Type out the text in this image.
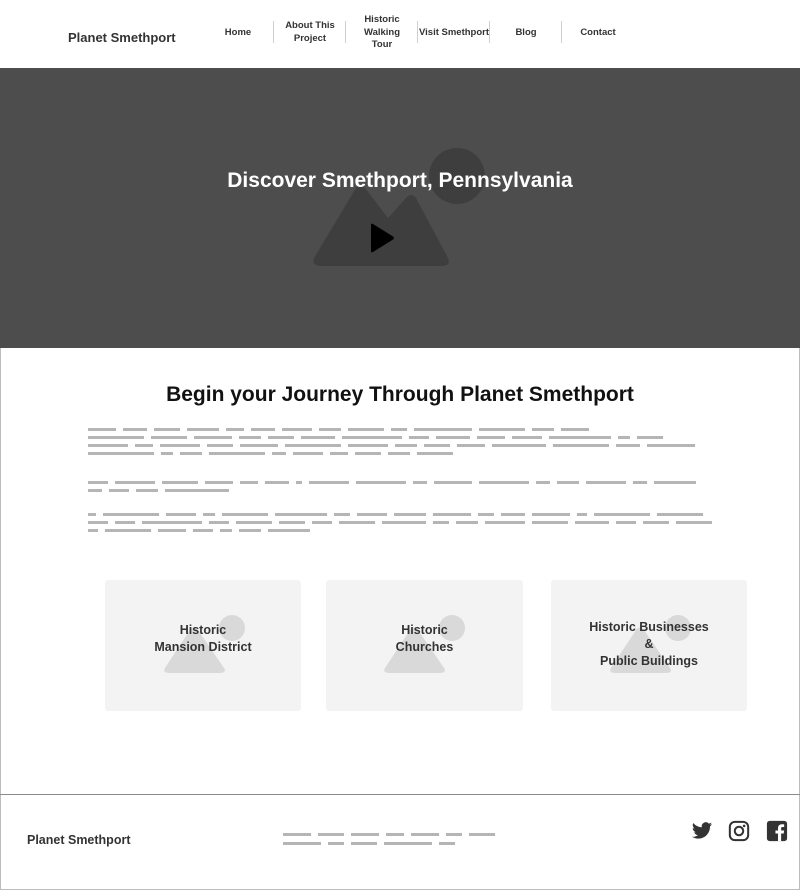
Planet Smethport	Home
About This
Project
Historic Walking
Tour
Visit Smethport	Blog	Contact
Discover Smethport, Pennsylvania
Begin your Journey Through Planet Smethport
Historic
Mansion District
Historic
Churches
Historic Businesses
&
Public Buildings
Planet Smethport
